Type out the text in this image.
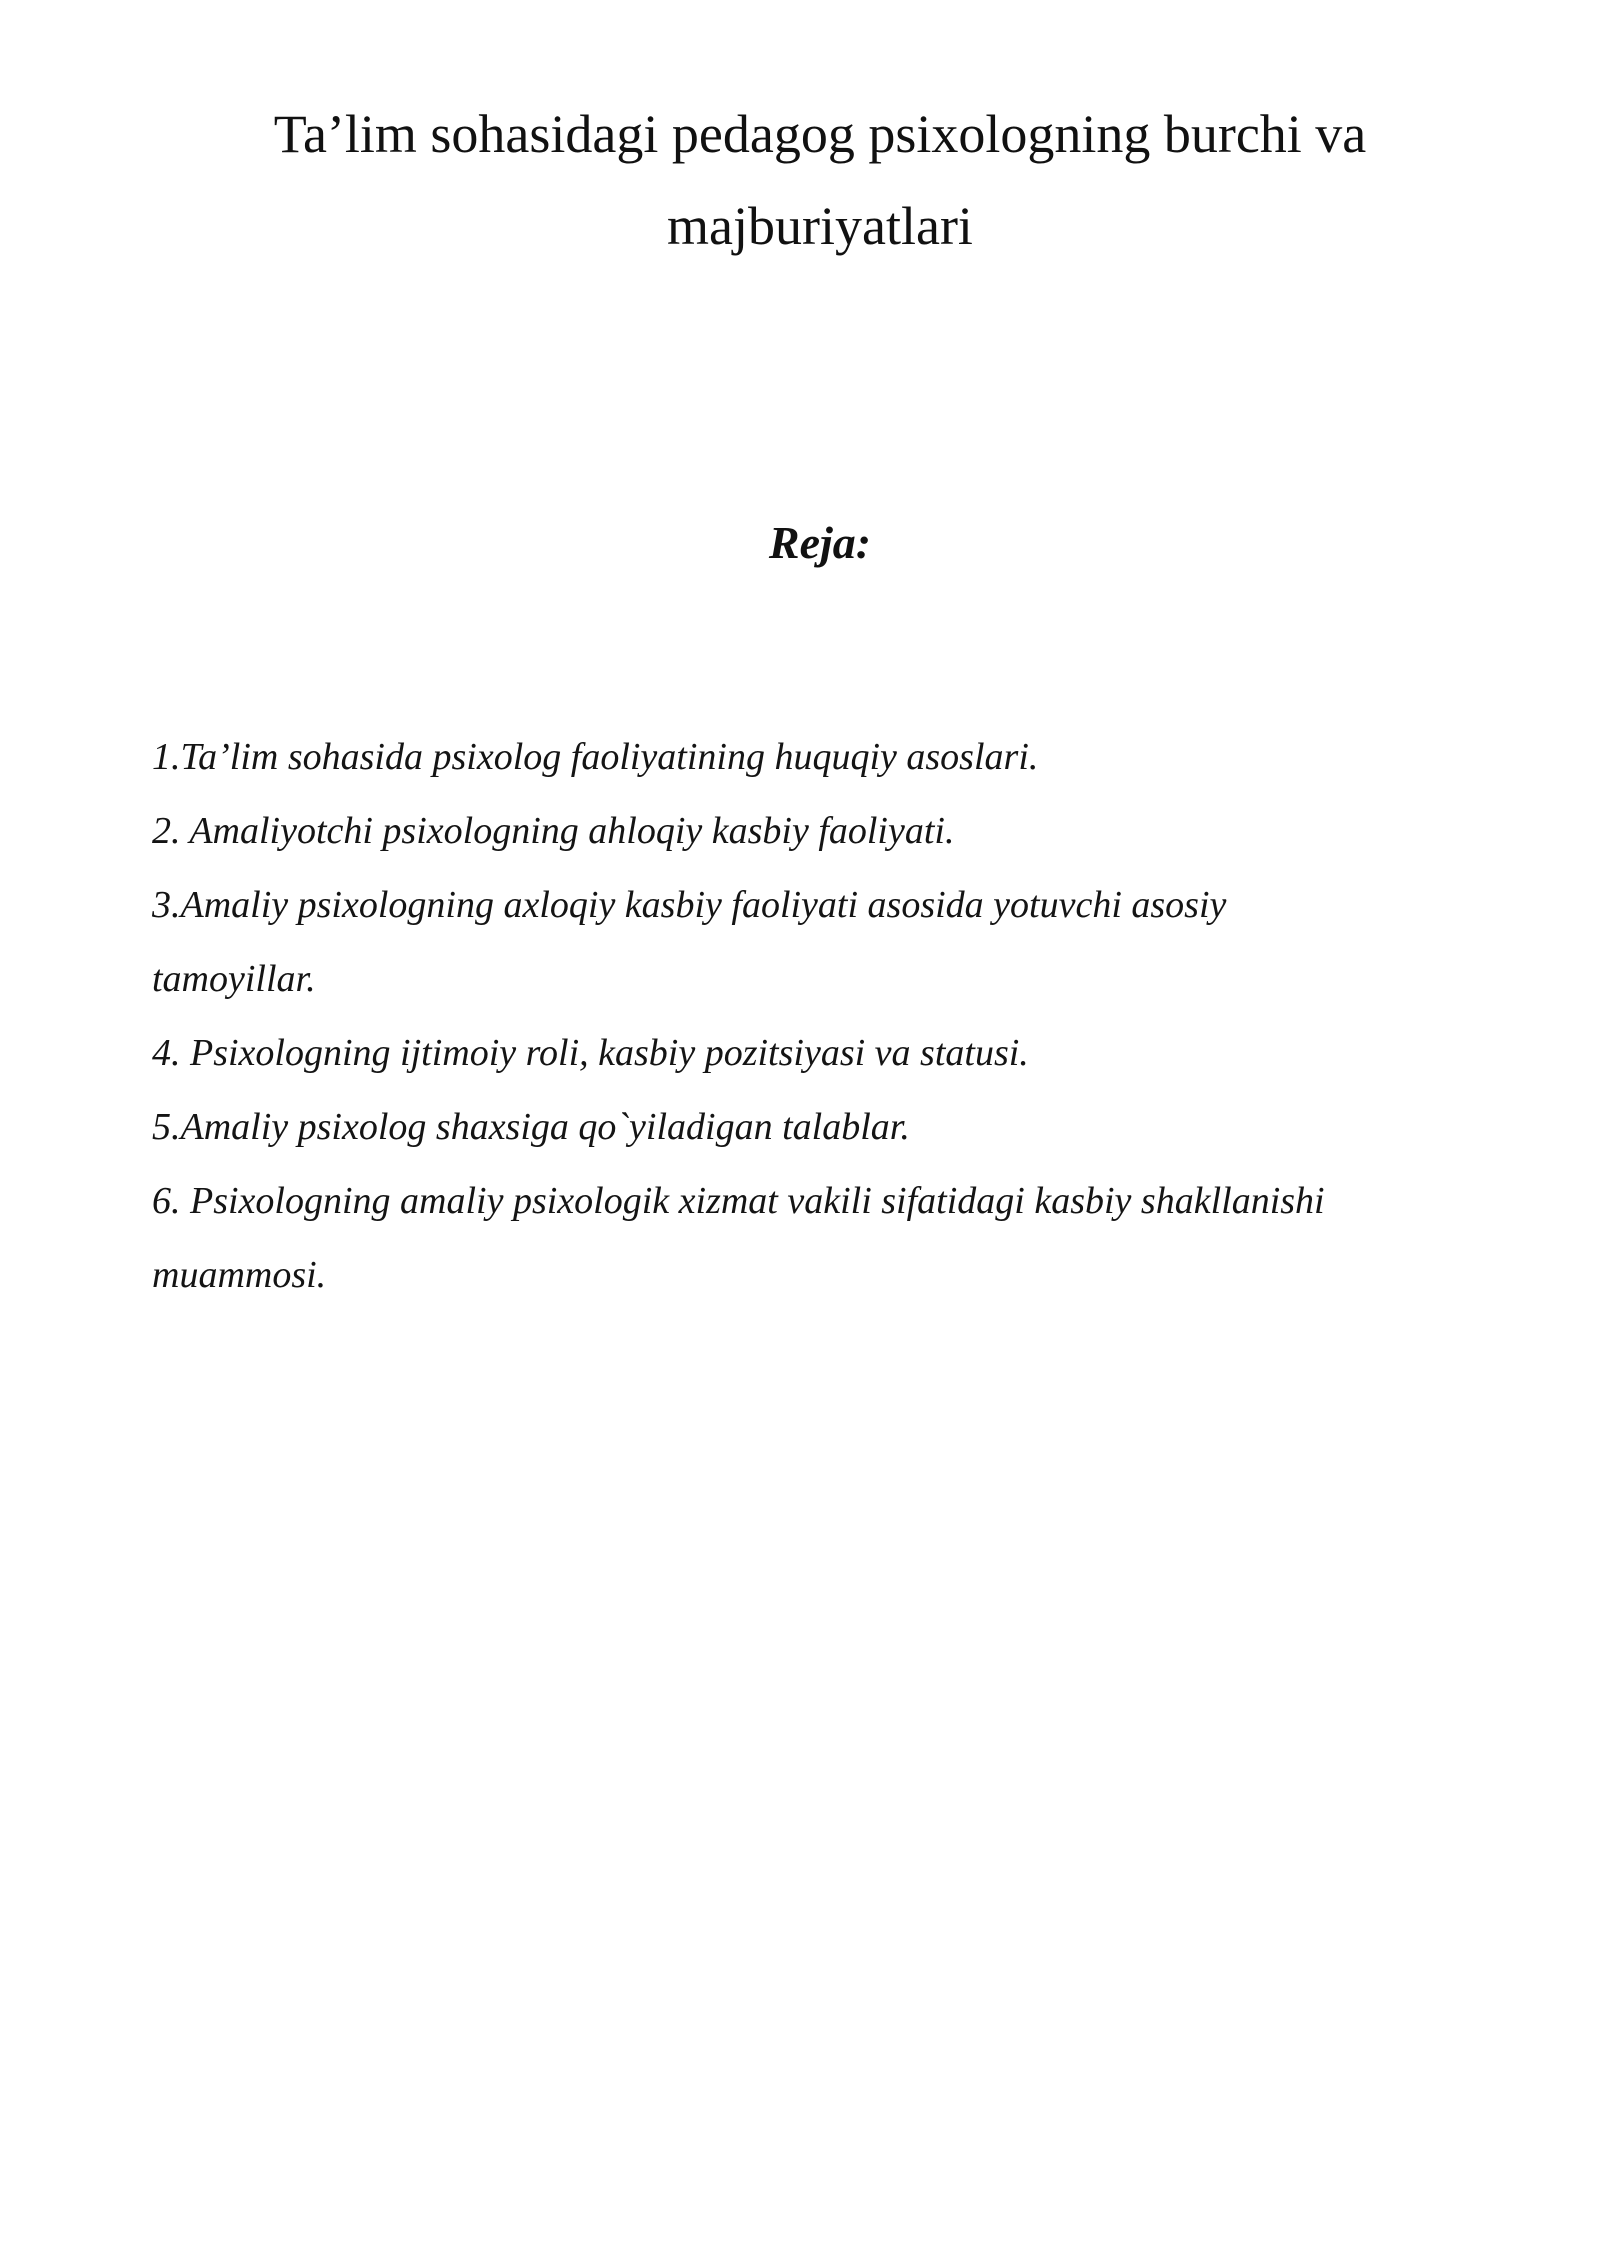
Ta’lim sohasidagi pedagog psixologning burchi va
majburiyatlari
Reja:
1.Ta’lim sohasida psixolog faoliyatining huquqiy asoslari.
2. Amaliyotchi psixologning ahloqiy kasbiy faoliyati.
3.Amaliy psixologning axloqiy kasbiy faoliyati asosida yotuvchi asosiy
tamoyillar.
4. Psixologning ijtimoiy roli, kasbiy pozitsiyasi va statusi.
5.Amaliy psixolog shaxsiga qo`yiladigan talablar.
6. Psixologning amaliy psixologik xizmat vakili sifatidagi kasbiy shakllanishi
muammosi.
